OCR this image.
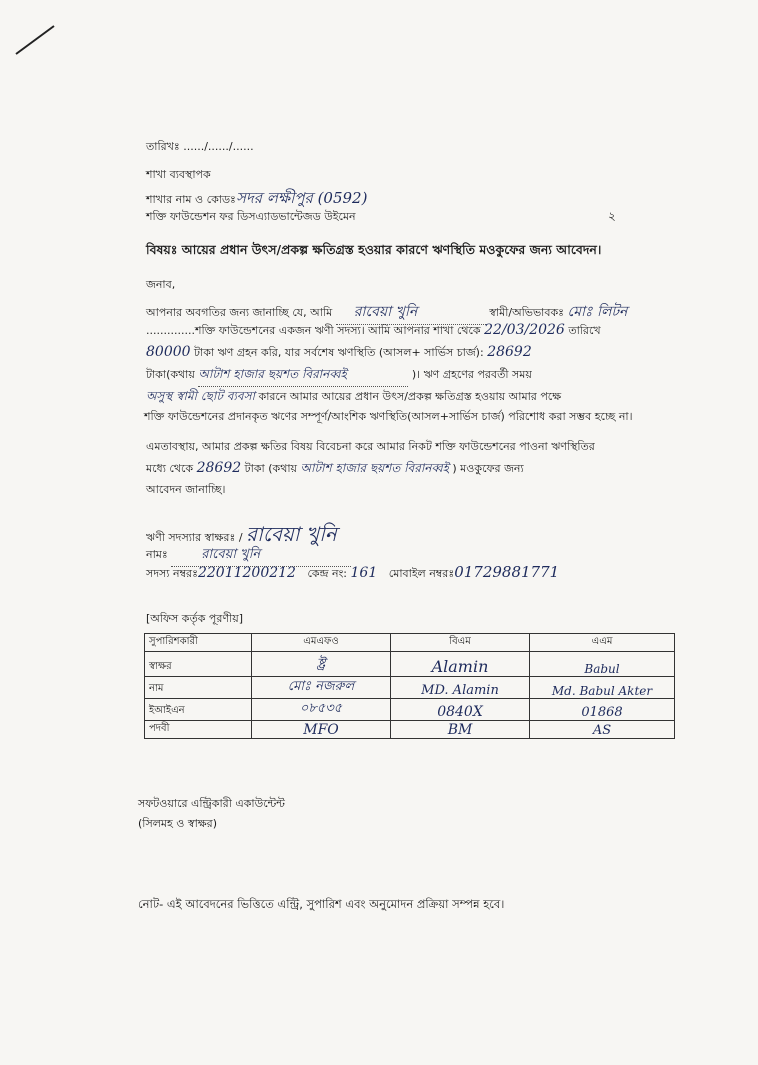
তারিখঃ ....../....../......
শাখা ব্যবস্থাপক
শাখার নাম ও কোডঃসদর লক্ষীপুর (0592)
শক্তি ফাউন্ডেশন ফর ডিসএ্যাডভান্টেজড উইমেন	২
বিষয়ঃ আয়ের প্রধান উৎস/প্রকল্প ক্ষতিগ্রস্ত হওয়ার কারণে ঋণস্থিতি মওকুফের জন্য আবেদন।
জনাব,
আপনার অবগতির জন্য জানাচ্ছি যে, আমি রাবেয়া খুনি	স্বামী/অভিভাবকঃ মোঃ লিটন
..............শক্তি ফাউন্ডেশনের একজন ঋণী সদস্য। আমি আপনার শাখা থেকে 22/03/2026 তারিখে
80000 টাকা ঋণ গ্রহন করি, যার সর্বশেষ ঋণস্থিতি (আসল+ সার্ভিস চার্জ): 28692
টাকা(কথায় আটাশ হাজার ছয়শত বিরানব্বই	)। ঋণ গ্রহণের পরবর্তী সময়
অসুস্থ স্বামী ছোট ব্যবসা কারনে আমার আয়ের প্রধান উৎস/প্রকল্প ক্ষতিগ্রস্ত হওয়ায় আমার পক্ষে
শক্তি ফাউন্ডেশনের প্রদানকৃত ঋণের সম্পূর্ণ/আংশিক ঋণস্থিতি(আসল+সার্ভিস চার্জ) পরিশোধ করা সম্ভব হচ্ছে না।
এমতাবস্থায়, আমার প্রকল্প ক্ষতির বিষয় বিবেচনা করে আমার নিকট শক্তি ফাউন্ডেশনের পাওনা ঋণস্থিতির
মধ্যে থেকে 28692 টাকা (কথায় আটাশ হাজার ছয়শত বিরানব্বই ) মওকুফের জন্য
আবেদন জানাচ্ছি।
ঋণী সদস্যার স্বাক্ষরঃ / রাবেয়া খুনি
নামঃ	রাবেয়া খুনি
সদস্য নম্বরঃ22011200212 কেন্দ্র নং: 161 মোবাইল নম্বরঃ01729881771
[অফিস কর্তৃক পূরণীয়]
সুপারিশকারী	এমএফও	বিএম	এএম
স্বাক্ষর	ষ্ট্র	Alamin	Babul
নাম	মোঃ নজরুল	MD. Alamin	Md. Babul Akter
ইআইএন	০৮৫৩৫	0840X	01868
পদবী	MFO	BM	AS
সফটওয়ারে এন্ট্রিকারী একাউন্টেন্ট
(সিলমহ ও স্বাক্ষর)
নোট- এই আবেদনের ভিত্তিতে এন্ট্রি, সুপারিশ এবং অনুমোদন প্রক্রিয়া সম্পন্ন হবে।
